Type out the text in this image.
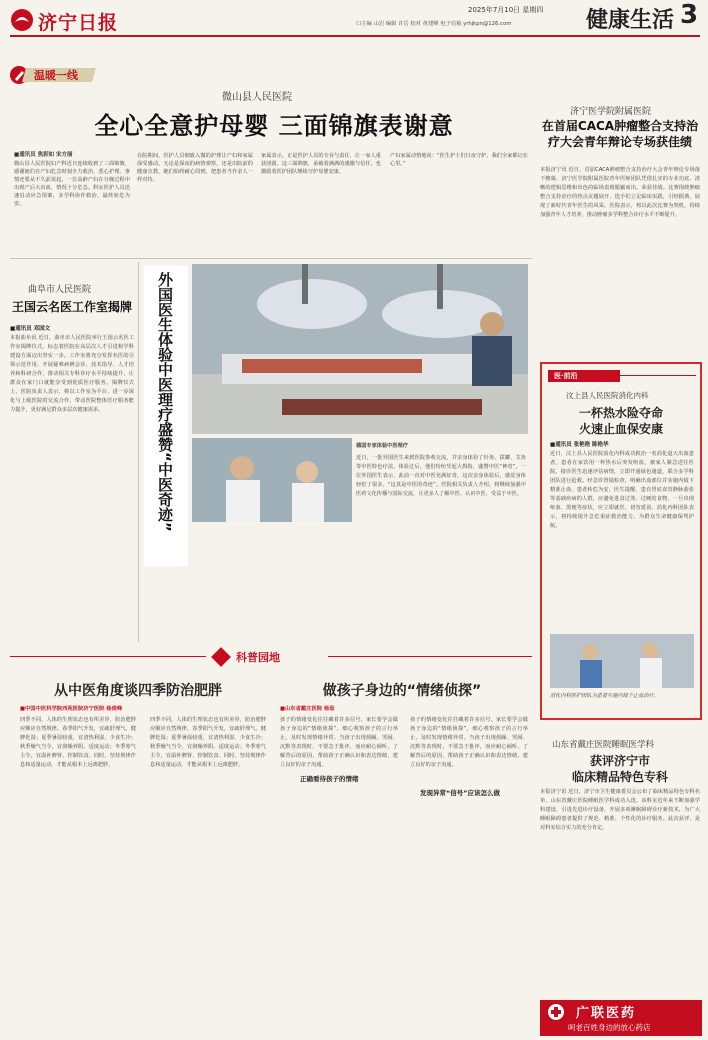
济宁日报
2025年7月10日 星期四
口主编 山岩 编辑 许岳 校对 黄建峰 电子信箱 yrhjkpn@126.com	健康生活 3
温暖一线
微山县人民医院
全心全意护母婴 三面锦旗表谢意
■通讯员 焦彩如 宋方丽
微山县人民医院妇产科近日连续收到了三面锦旗，感谢她们在产妇危急时刻全力救治、悉心护理。事情还要从不久前说起，一位高龄产妇在分娩过程中出现产后大出血，情况十分危急。科室医护人员迅速启动应急预案，多学科协作救治，最终转危为安。
在院期间，医护人员细致入微的护理让产妇和家属深受感动。无论是深夜的病情观察，还是出院前的健康宣教，她们始终耐心周到，把患者当作亲人一样对待。
家属表示，正是医护人员的专业与责任，让一家人重获团圆。这三面锦旗，承载着满满的感激与信任，也激励着医护团队继续守护母婴安康。
产妇家属动情地说：“医生护士们日夜守护，我们全家都记在心里。”
曲阜市人民医院
王国云名医工作室揭牌
■通讯员 邓国文
本报曲阜讯 近日，曲阜市人民医院举行王国云名医工作室揭牌仪式，标志着医院在高层次人才引进和学科建设方面迈出坚实一步。工作室将充分发挥名医的引领示范作用，开展疑难病例会诊、技术指导、人才培养和科研合作，推动相关专科诊疗水平持续提升，让群众在家门口就能享受到优质医疗服务。揭牌仪式上，医院负责人表示，将以工作室为平台，进一步深化与上级医院的交流合作，带动医院整体医疗服务能力提升，更好满足群众多层次健康需求。	外国医生体验中医理疗盛赞“中医奇迹”	德国专家体验中医理疗
近日，一批外国医生来到医院参观交流，并亲身体验了针灸、拔罐、艾灸等中医特色疗法。体验过后，他们纷纷竖起大拇指，盛赞中医“神奇”。一位外国医生表示，此前一直对中医充满好奇，这次亲身体验后，感觉身体轻松了很多，“这真是中医的奇迹”。医院相关负责人介绍，将继续加强中医药文化传播与国际交流，让更多人了解中医、认识中医、受益于中医。
济宁医学院附属医院
在首届CACA肿瘤整合支持治疗大会青年辩论专场获佳绩
本报济宁讯 近日，首届CACA肿瘤整合支持治疗大会青年辩论专场落下帷幕，济宁医学院附属医院青年医师团队凭借扎实的专业功底、清晰的逻辑思维和出色的临场表现脱颖而出，荣获佳绩。比赛围绕肿瘤整合支持治疗的热点议题展开，选手们立足临床实践，引经据典，展现了新时代青年医生的风采。医院表示，将以此次比赛为契机，持续加强青年人才培养，推动肿瘤多学科整合诊疗水平不断提升。
医·前沿
汶上县人民医院消化内科
一杯热水险夺命
火速止血保安康
■通讯员 张艳艳 陈艳华
近日，汶上县人民医院消化内科成功救治一名消化道大出血患者。患者在家饮用一杯热水后突发呕血，被家人紧急送往医院。接诊医生迅速评估病情，立即开通绿色通道，联合多学科团队进行抢救。经急诊胃镜检查，明确出血部位并实施内镜下精准止血，患者转危为安。医生提醒，患有胃底食管静脉曲张等基础疾病的人群，应避免进食过烫、过硬的食物，一旦出现呕血、黑便等症状，应立即就医，切勿延误。消化内科团队表示，将持续提升急危重症救治能力，为群众生命健康保驾护航。
消化内科医护团队为患者实施内镜下止血治疗。
山东省戴庄医院睡眠医学科
获评济宁市
临床精品特色专科
本报济宁讯 近日，济宁市卫生健康委员会公布了临床精品特色专科名单，山东省戴庄医院睡眠医学科成功入选。该科室近年来不断加强学科建设，引进先进诊疗设备，开展多项睡眠障碍诊疗新技术，为广大睡眠障碍患者提供了规范、精准、个性化的诊疗服务。此次获评，是对科室综合实力的充分肯定。
科普园地
从中医角度谈四季防治肥胖
■中国中医科学院西苑医院济宁医院 杨俊峰
四季不同，人体的生理状态也有所差异，防治肥胖应顺应自然规律。春季阳气升发，宜疏肝理气、健脾化湿；夏季暑湿较重，宜清热利湿、少食生冷；秋季燥气当令，宜润燥养阴、适度运动；冬季寒气主令，宜温补脾肾、控制饮食。同时，坚持规律作息和适量运动，才能从根本上远离肥胖。
四季不同，人体的生理状态也有所差异，防治肥胖应顺应自然规律。春季阳气升发，宜疏肝理气、健脾化湿；夏季暑湿较重，宜清热利湿、少食生冷；秋季燥气当令，宜润燥养阴、适度运动；冬季寒气主令，宜温补脾肾、控制饮食。同时，坚持规律作息和适量运动，才能从根本上远离肥胖。
做孩子身边的“情绪侦探”
■山东省戴庄医院 杨茹
孩子的情绪变化往往藏着许多信号。家长要学会做孩子身边的“情绪侦探”，细心观察孩子的言行举止，及时发现情绪异常。当孩子出现烦躁、哭闹、沉默等表现时，不要急于批评，而应耐心倾听，了解背后的原因，帮助孩子正确认识和表达情绪，建立良好的亲子沟通。
正确看待孩子的情绪
发现异常“信号”应该怎么做
孩子的情绪变化往往藏着许多信号。家长要学会做孩子身边的“情绪侦探”，细心观察孩子的言行举止，及时发现情绪异常。当孩子出现烦躁、哭闹、沉默等表现时，不要急于批评，而应耐心倾听，了解背后的原因，帮助孩子正确认识和表达情绪，建立良好的亲子沟通。
广联医药
呵老百姓身边的放心药店
